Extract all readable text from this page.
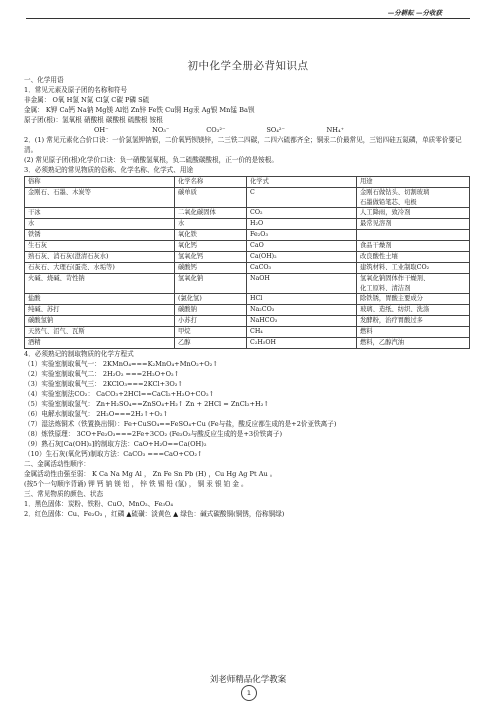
—分耕耘 —分收获
初中化学全册必背知识点
一、化学用语
1．常见元素及原子团的名称和符号
非金属： O氧 H氢 N氮 Cl氯 C碳 P磷 S硫
金属： K钾 Ca钙 Na钠 Mg镁 Al铝 Zn锌 Fe铁 Cu铜 Hg汞 Ag银 Mn锰 Ba钡
原子团(根)：氢氧根 硝酸根 碳酸根 硫酸根 铵根
OH⁻	NO₃⁻	CO₃²⁻	SO₄²⁻	NH₄⁺
2．(1) 常见元素化合价口诀：一价氯氢钾钠银，二价氧钙钡镁锌，二三铁二四碳，二四六硫都齐全；铜汞二价最常见，三铝四硅五氮磷，单质零价要记清。
(2) 常见原子团(根)化学价口诀：负一硝酸氢氧根，负二硫酸碳酸根，正一价的是铵根。
3．必须熟记的常见物质的俗称、化学名称、化学式、用途
俗称	化学名称	化学式	用途
金刚石、石墨、木炭等	碳单质	C	金刚石做钻头、切割玻璃
石墨做铅笔芯、电极
干冰	二氧化碳固体	CO₂	人工降雨，致冷剂
水	水	H₂O	最常见溶剂
铁锈	氧化铁	Fe₂O₃	
生石灰	氧化钙	CaO	食品干燥剂
熟石灰、消石灰(澄清石灰水)	氢氧化钙	Ca(OH)₂	改良酸性土壤
石灰石、大理石(蛋壳、水垢等)	碳酸钙	CaCO₃	建筑材料、工业制取CO₂
火碱、烧碱、苛性钠	氢氧化钠	NaOH	氢氧化钠固体作干燥剂、
化工原料、清洁剂
盐酸	(氯化氢)	HCl	除铁锈，胃酸主要成分
纯碱、苏打	碳酸钠	Na₂CO₃	玻璃、造纸、纺织、洗涤
碳酸氢钠	小苏打	NaHCO₃	发酵粉，治疗胃酸过多
天然气、沼气、瓦斯	甲烷	CH₄	燃料
酒精	乙醇	C₂H₅OH	燃料，乙醇汽油
4．必须熟记的制取物质的化学方程式
（1）实验室制取氧气一： 2KMnO₄===K₂MnO₄+MnO₂+O₂↑
（2）实验室制取氧气二： 2H₂O₂ ===2H₂O+O₂↑
（3）实验室制取氧气三： 2KClO₃===2KCl+3O₂↑
（4）实验室制法CO₂： CaCO₃+2HCl==CaCl₂+H₂O+CO₂↑
（5）实验室制取氢气： Zn+H₂SO₄==ZnSO₄+H₂↑ Zn + 2HCl = ZnCl₂+H₂↑
（6）电解水制取氢气： 2H₂O===2H₂↑+O₂↑
（7）湿法炼铜术（铁置换出铜）：Fe+CuSO₄==FeSO₄+Cu (Fe与盐，酸反应都生成的是+2价亚铁离子)
（8）炼铁原理： 3CO+Fe₂O₃===2Fe+3CO₂ (Fe₂O₃与酸反应生成的是+3价铁离子)
（9）熟石灰[Ca(OH)₂]的制取方法：CaO+H₂O==Ca(OH)₂
（10）生石灰(氧化钙)制取方法：CaCO₃ ===CaO+CO₂↑
二、金属活动性顺序：
金属活动性由强至弱： K Ca Na Mg Al ， Zn Fe Sn Pb (H) ，Cu Hg Ag Pt Au 。
(按5个一句顺序背诵) 钾 钙 钠 镁 铝 ， 锌 铁 锡 铅 (氢) ， 铜 汞 银 铂 金 。
三、常见物质的颜色、状态
1．黑色固体：炭粉、铁粉、CuO、MnO₂、Fe₃O₄
2．红色固体：Cu、Fe₂O₃ ，红磷 ▲硫磺：淡黄色 ▲ 绿色：碱式碳酸铜(铜锈，俗称铜绿)
刘老师精品化学教案
1
